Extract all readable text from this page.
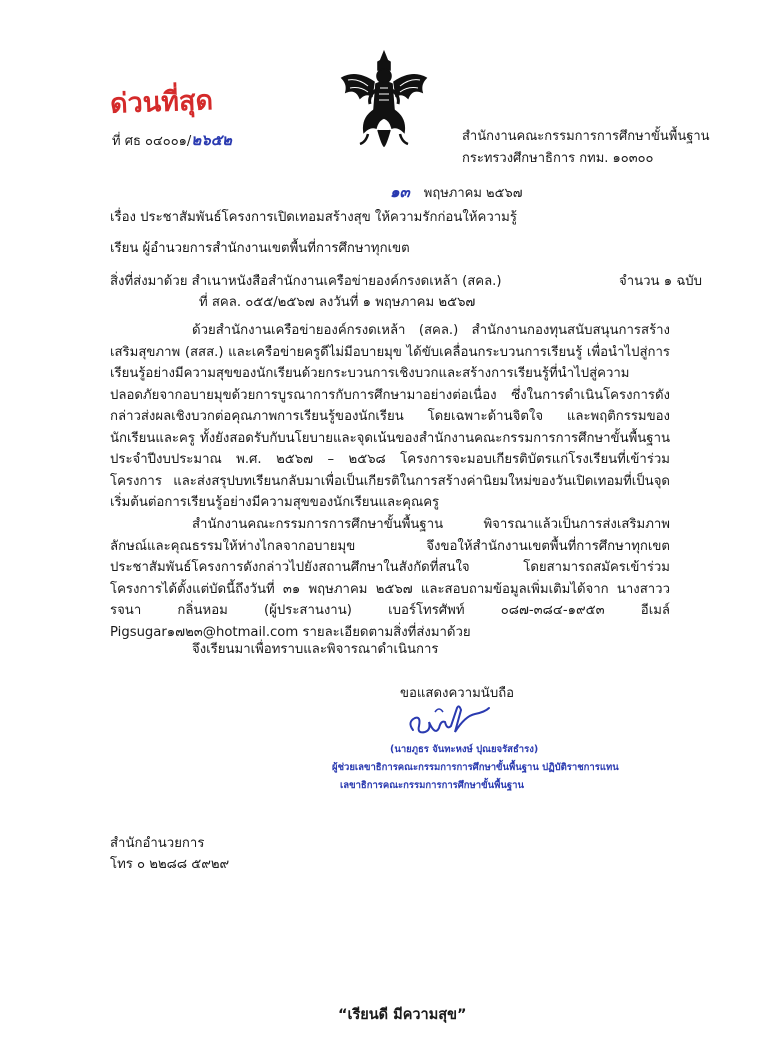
ด่วนที่สุด
ที่ ศธ ๐๔๐๐๑/๒๖๕๒	สำนักงานคณะกรรมการการศึกษาขั้นพื้นฐาน
กระทรวงศึกษาธิการ กทม. ๑๐๓๐๐
๑๓ พฤษภาคม ๒๕๖๗
เรื่อง ประชาสัมพันธ์โครงการเปิดเทอมสร้างสุข ให้ความรักก่อนให้ความรู้
เรียน ผู้อำนวยการสำนักงานเขตพื้นที่การศึกษาทุกเขต
สิ่งที่ส่งมาด้วย สำเนาหนังสือสำนักงานเครือข่ายองค์กรงดเหล้า (สคล.)
ที่ สคล. ๐๕๕/๒๕๖๗ ลงวันที่ ๑ พฤษภาคม ๒๕๖๗
จำนวน ๑ ฉบับ
ด้วยสำนักงานเครือข่ายองค์กรงดเหล้า (สคล.) สำนักงานกองทุนสนับสนุนการสร้างเสริมสุขภาพ (สสส.) และเครือข่ายครูดีไม่มีอบายมุข ได้ขับเคลื่อนกระบวนการเรียนรู้ เพื่อนำไปสู่การเรียนรู้อย่างมีความสุขของนักเรียนด้วยกระบวนการเชิงบวกและสร้างการเรียนรู้ที่นำไปสู่ความปลอดภัยจากอบายมุขด้วยการบูรณาการกับการศึกษามาอย่างต่อเนื่อง ซึ่งในการดำเนินโครงการดังกล่าวส่งผลเชิงบวกต่อคุณภาพการเรียนรู้ของนักเรียน โดยเฉพาะด้านจิตใจ และพฤติกรรมของนักเรียนและครู ทั้งยังสอดรับกับนโยบายและจุดเน้นของสำนักงานคณะกรรมการการศึกษาขั้นพื้นฐาน ประจำปีงบประมาณ พ.ศ. ๒๕๖๗ – ๒๕๖๘ โครงการจะมอบเกียรติบัตรแก่โรงเรียนที่เข้าร่วมโครงการ และส่งสรุปบทเรียนกลับมาเพื่อเป็นเกียรติในการสร้างค่านิยมใหม่ของวันเปิดเทอมที่เป็นจุดเริ่มต้นต่อการเรียนรู้อย่างมีความสุขของนักเรียนและคุณครู
สำนักงานคณะกรรมการการศึกษาขั้นพื้นฐาน พิจารณาแล้วเป็นการส่งเสริมภาพลักษณ์และคุณธรรมให้ห่างไกลจากอบายมุข จึงขอให้สำนักงานเขตพื้นที่การศึกษาทุกเขต ประชาสัมพันธ์โครงการดังกล่าวไปยังสถานศึกษาในสังกัดที่สนใจ โดยสามารถสมัครเข้าร่วมโครงการได้ตั้งแต่บัดนี้ถึงวันที่ ๓๑ พฤษภาคม ๒๕๖๗ และสอบถามข้อมูลเพิ่มเติมได้จาก นางสาววรจนา กลิ่นหอม (ผู้ประสานงาน) เบอร์โทรศัพท์ ๐๘๗-๓๘๔-๑๙๕๓ อีเมล์ Pigsugar๑๗๒๓@hotmail.com รายละเอียดตามสิ่งที่ส่งมาด้วย
จึงเรียนมาเพื่อทราบและพิจารณาดำเนินการ
ขอแสดงความนับถือ
(นายภูธร จันทะหงษ์ ปุณยจรัสธำรง)
ผู้ช่วยเลขาธิการคณะกรรมการการศึกษาขั้นพื้นฐาน ปฏิบัติราชการแทน
เลขาธิการคณะกรรมการการศึกษาขั้นพื้นฐาน
สำนักอำนวยการ
โทร ๐ ๒๒๘๘ ๕๙๒๙
“เรียนดี มีความสุข”
